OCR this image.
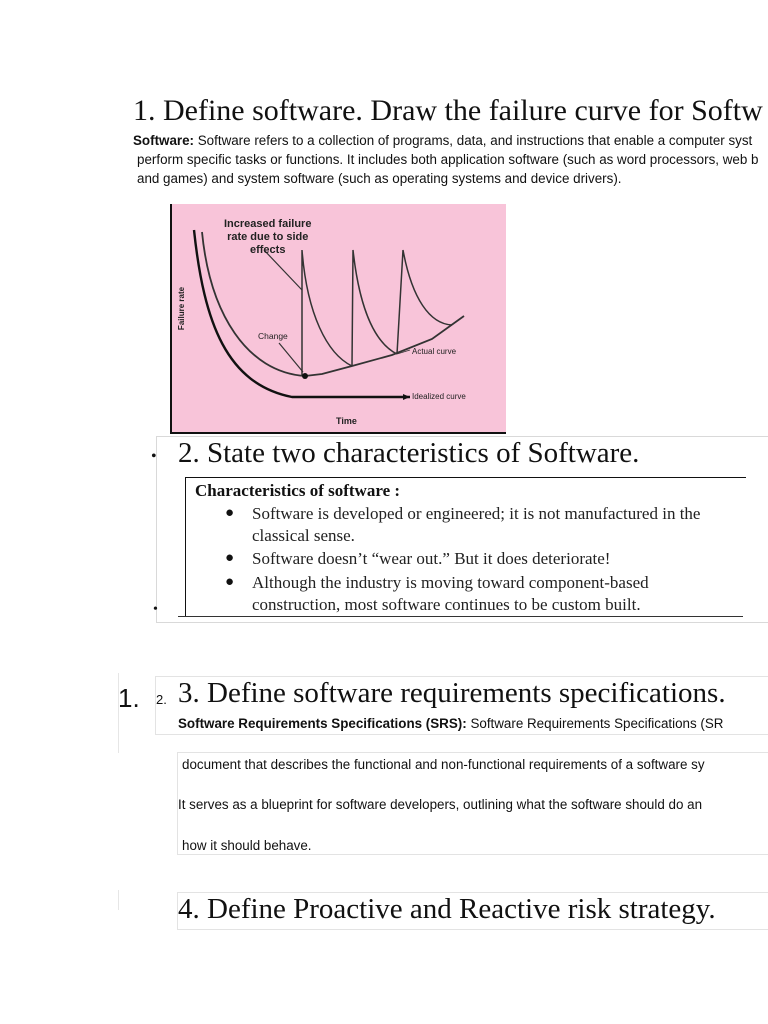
1. Define software. Draw the failure curve for Softw
Software: Software refers to a collection of programs, data, and instructions that enable a computer syst
perform specific tasks or functions. It includes both application software (such as word processors, web b
and games) and system software (such as operating systems and device drivers).
Increased failure
rate due to side
effects
Change
Actual curve
Idealized curve
Time
Failure rate
• 2. State two characteristics of Software.
Characteristics of software :
● Software is developed or engineered; it is not manufactured in the
classical sense.
● Software doesn’t “wear out.” But it does deteriorate!
● Although the industry is moving toward component-based
construction, most software continues to be custom built.
•
1. 2. 3. Define software requirements specifications.
Software Requirements Specifications (SRS): Software Requirements Specifications (SR
document that describes the functional and non-functional requirements of a software sy
It serves as a blueprint for software developers, outlining what the software should do an
how it should behave.
4. Define Proactive and Reactive risk strategy.
